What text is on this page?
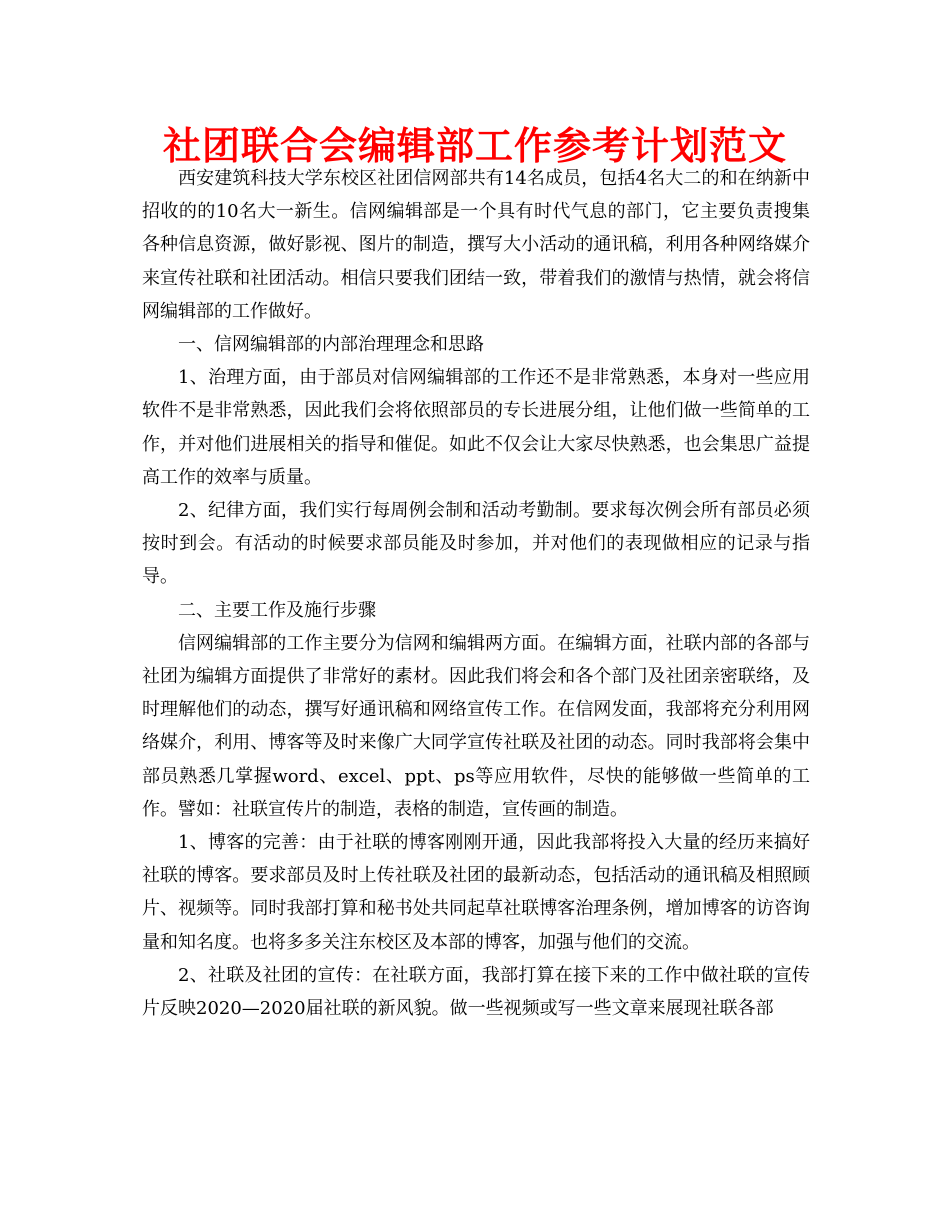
社团联合会编辑部工作参考计划范文

西安建筑科技大学东校区社团信网部共有14名成员，包括4名大二的和在纳新中招收的的10名大一新生。信网编辑部是一个具有时代气息的部门，它主要负责搜集各种信息资源，做好影视、图片的制造，撰写大小活动的通讯稿，利用各种网络媒介来宣传社联和社团活动。相信只要我们团结一致，带着我们的激情与热情，就会将信网编辑部的工作做好。

一、信网编辑部的内部治理理念和思路

1、治理方面，由于部员对信网编辑部的工作还不是非常熟悉，本身对一些应用软件不是非常熟悉，因此我们会将依照部员的专长进展分组，让他们做一些简单的工作，并对他们进展相关的指导和催促。如此不仅会让大家尽快熟悉，也会集思广益提高工作的效率与质量。

2、纪律方面，我们实行每周例会制和活动考勤制。要求每次例会所有部员必须按时到会。有活动的时候要求部员能及时参加，并对他们的表现做相应的记录与指导。

二、主要工作及施行步骤

信网编辑部的工作主要分为信网和编辑两方面。在编辑方面，社联内部的各部与社团为编辑方面提供了非常好的素材。因此我们将会和各个部门及社团亲密联络，及时理解他们的动态，撰写好通讯稿和网络宣传工作。在信网发面，我部将充分利用网络媒介，利用、博客等及时来像广大同学宣传社联及社团的动态。同时我部将会集中部员熟悉几掌握word、excel、ppt、ps等应用软件，尽快的能够做一些简单的工作。譬如：社联宣传片的制造，表格的制造，宣传画的制造。

1、博客的完善：由于社联的博客刚刚开通，因此我部将投入大量的经历来搞好社联的博客。要求部员及时上传社联及社团的最新动态，包括活动的通讯稿及相照顾片、视频等。同时我部打算和秘书处共同起草社联博客治理条例，增加博客的访咨询量和知名度。也将多多关注东校区及本部的博客，加强与他们的交流。

2、社联及社团的宣传：在社联方面，我部打算在接下来的工作中做社联的宣传片反映2020—2020届社联的新风貌。做一些视频或写一些文章来展现社联各部
